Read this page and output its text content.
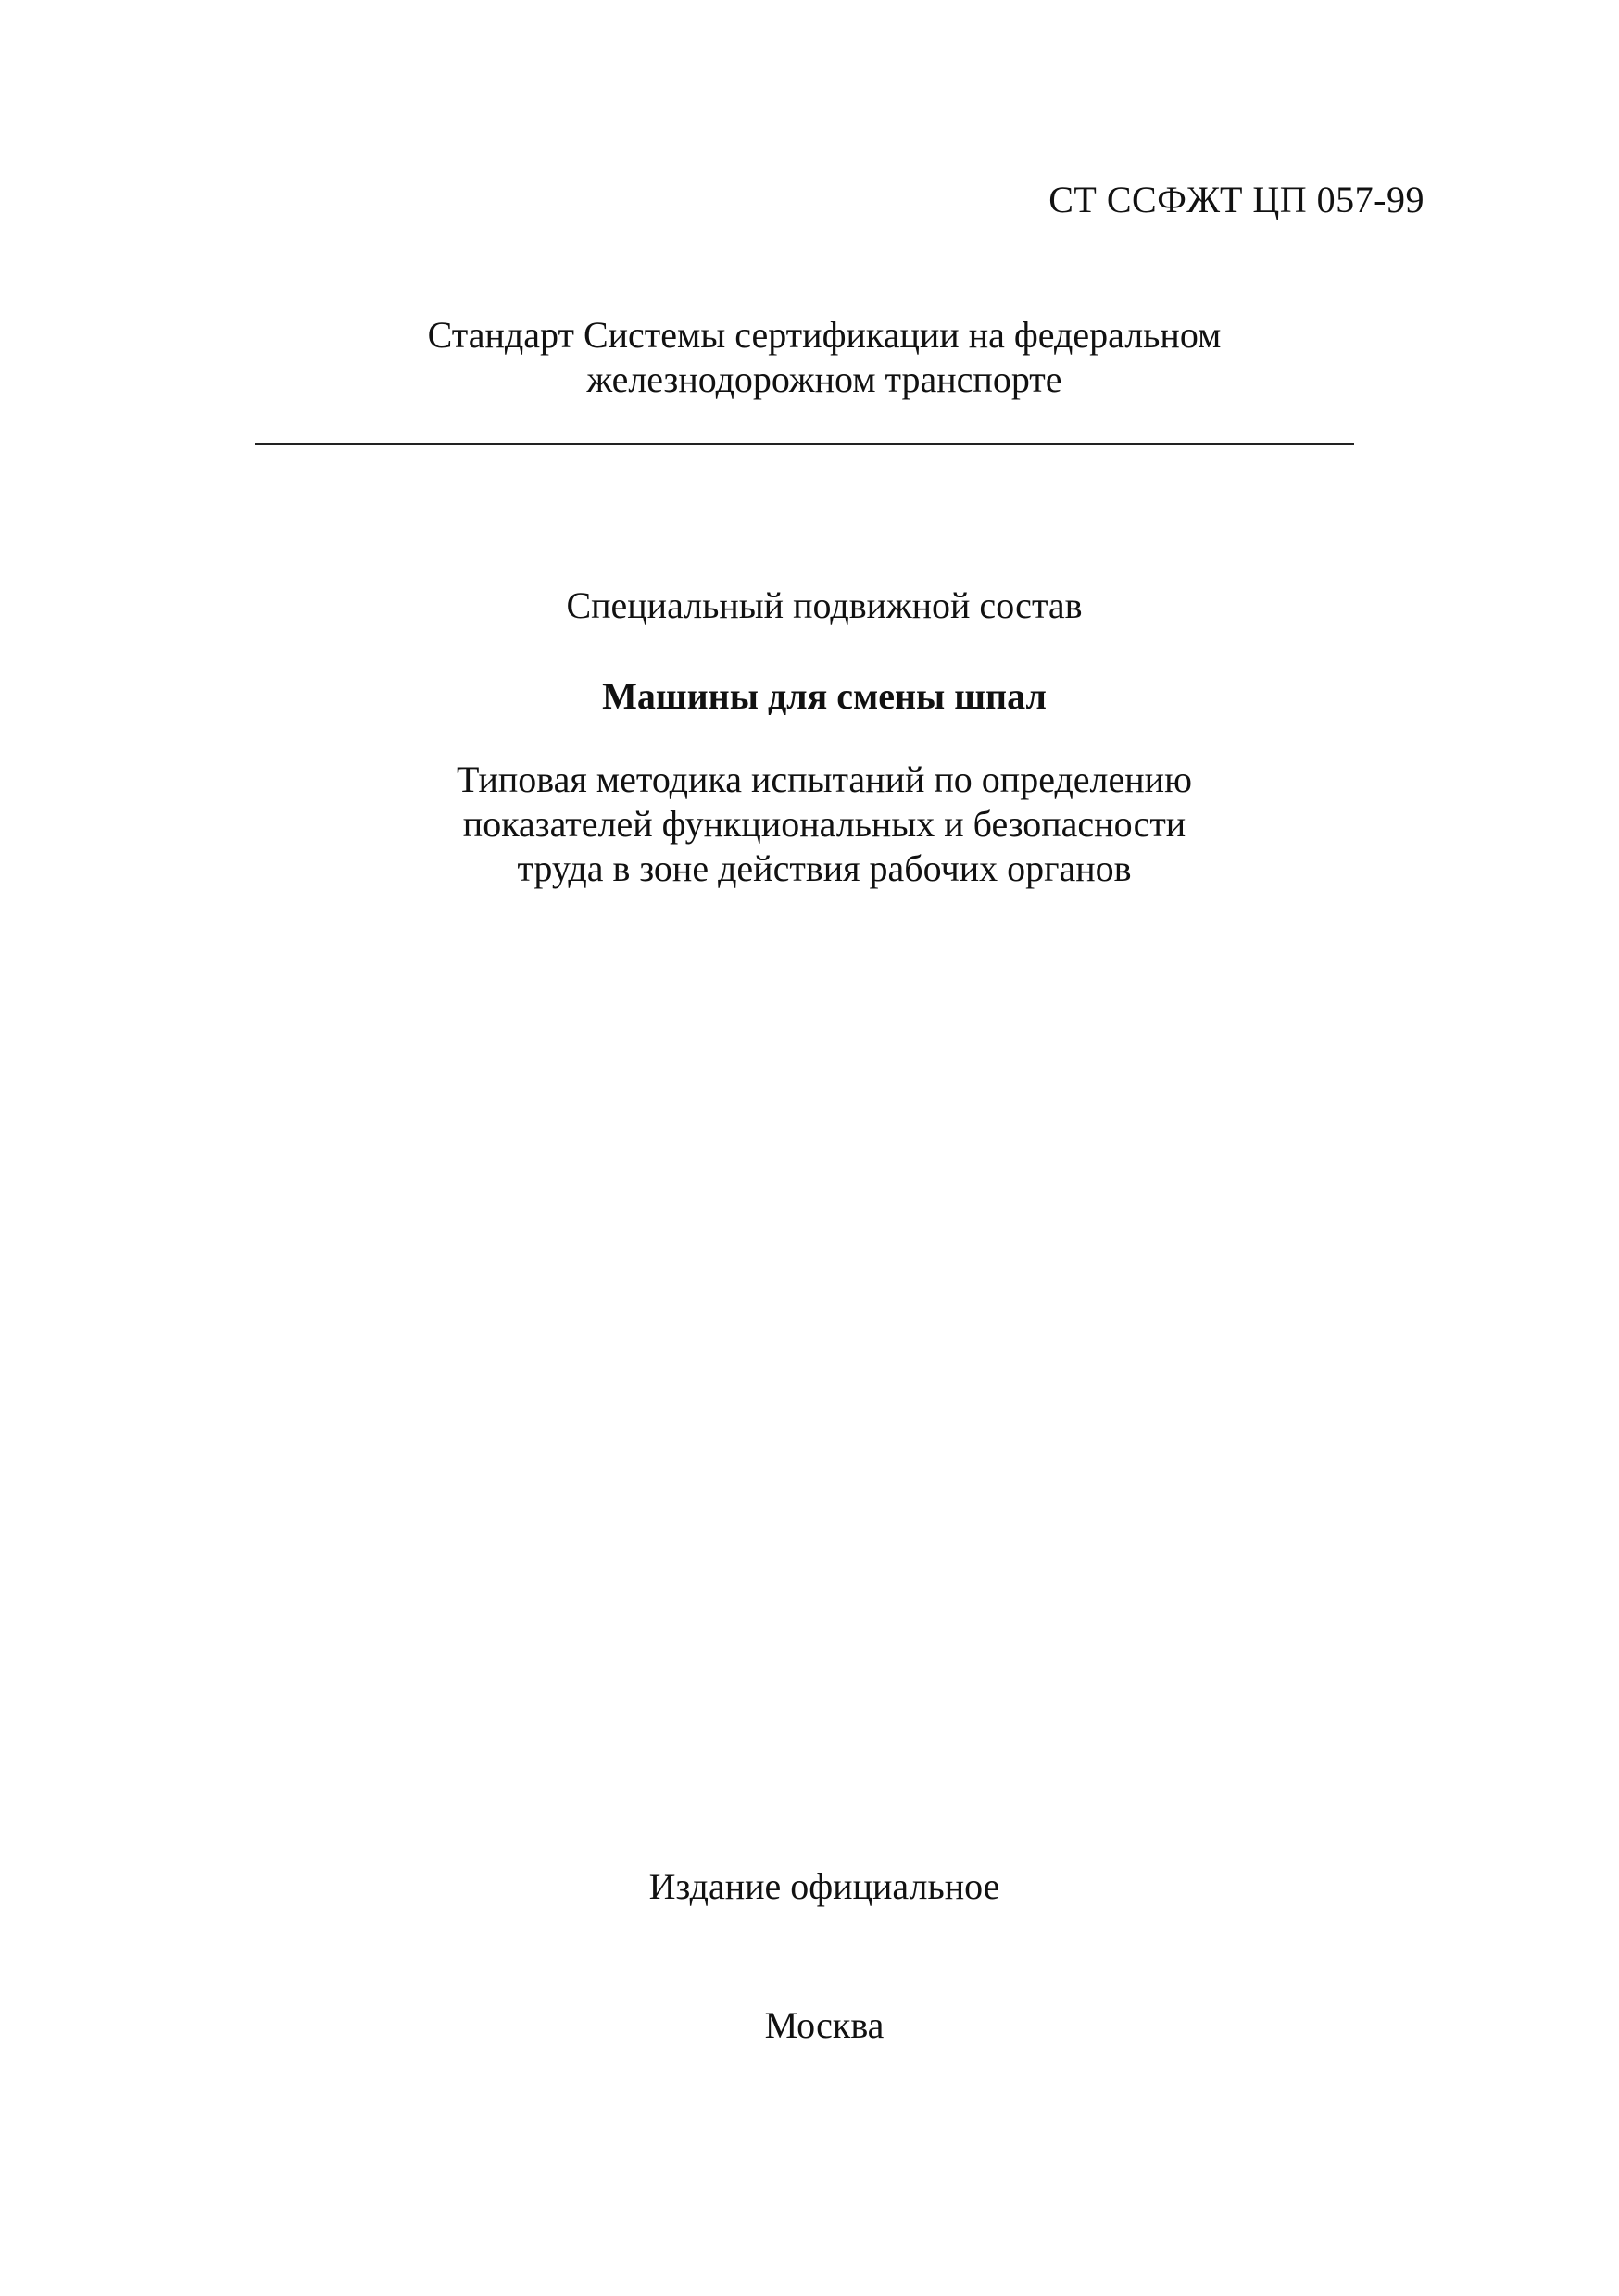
СТ ССФЖТ ЦП 057-99
Стандарт Системы сертификации на федеральном
железнодорожном транспорте
Специальный подвижной состав
Машины для смены шпал
Типовая методика испытаний по определению
показателей функциональных и безопасности
труда в зоне действия рабочих органов
Издание официальное
Москва
